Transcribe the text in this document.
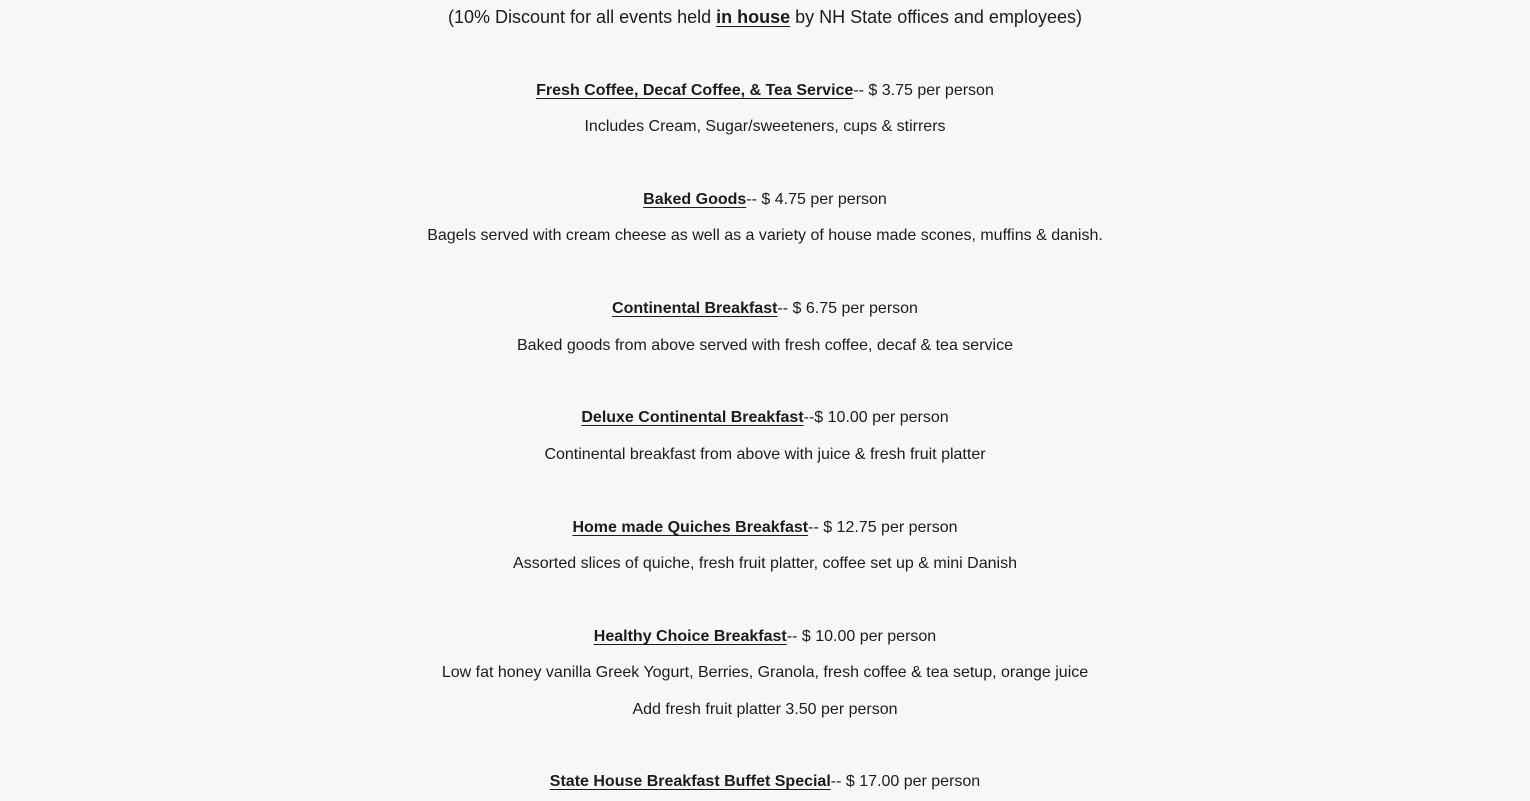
(10% Discount for all events held in house by NH State offices and employees)
Fresh Coffee, Decaf Coffee, & Tea Service-- $ 3.75 per person
Includes Cream, Sugar/sweeteners, cups & stirrers
Baked Goods-- $ 4.75 per person
Bagels served with cream cheese as well as a variety of house made scones, muffins & danish.
Continental Breakfast-- $ 6.75 per person
Baked goods from above served with fresh coffee, decaf & tea service
Deluxe Continental Breakfast--$ 10.00 per person
Continental breakfast from above with juice & fresh fruit platter
Home made Quiches Breakfast-- $ 12.75 per person
Assorted slices of quiche, fresh fruit platter, coffee set up & mini Danish
Healthy Choice Breakfast-- $ 10.00 per person
Low fat honey vanilla Greek Yogurt, Berries, Granola, fresh coffee & tea setup, orange juice
Add fresh fruit platter 3.50 per person
State House Breakfast Buffet Special-- $ 17.00 per person
